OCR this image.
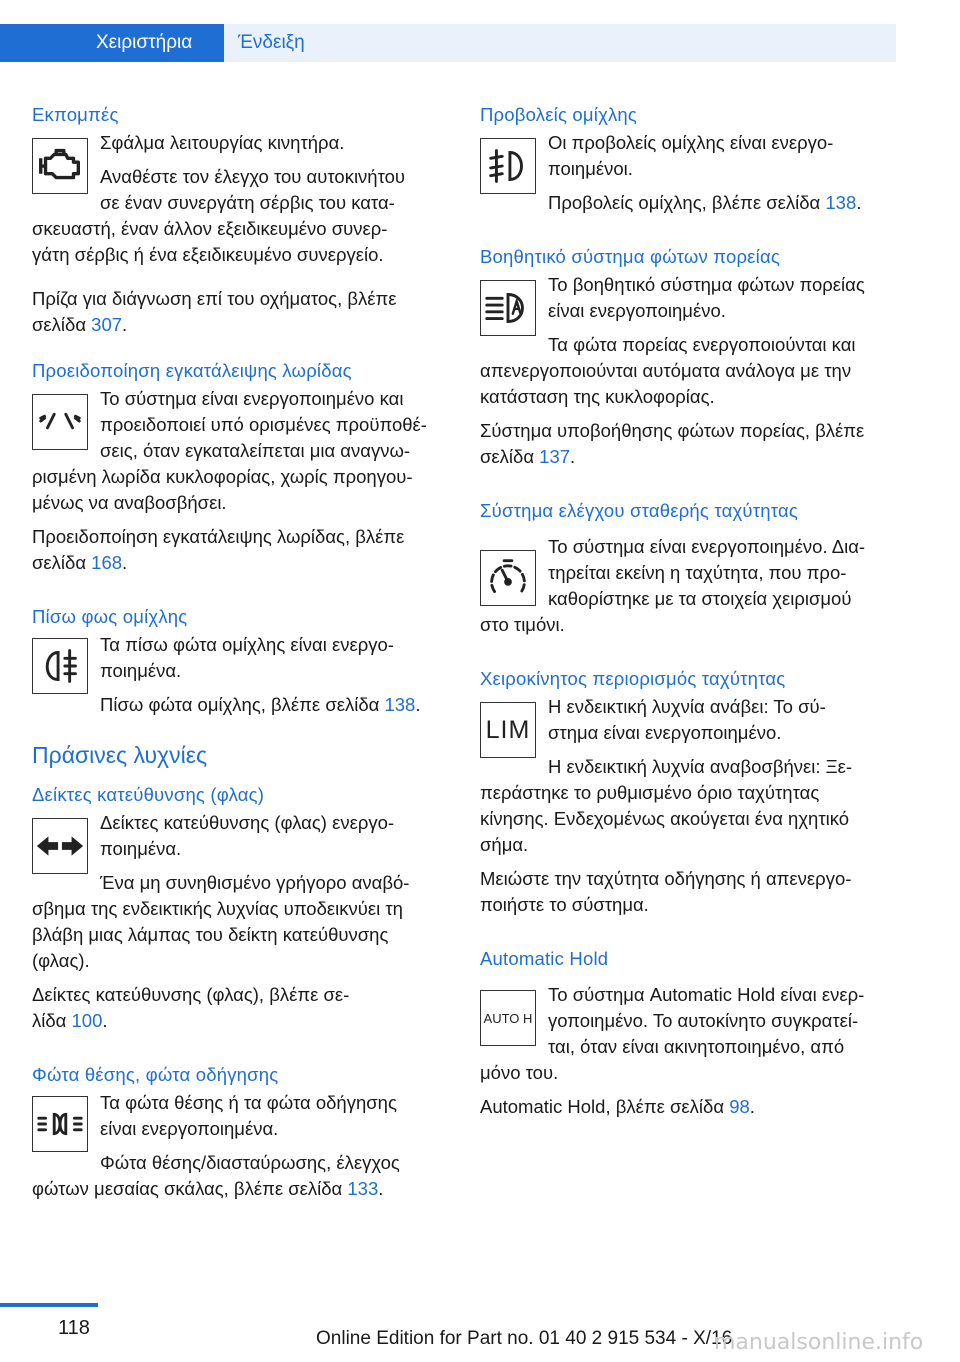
Χειριστήρια Ένδειξη
Εκπομπές
Σφάλμα λειτουργίας κινητήρα.
Αναθέστε τον έλεγχο του αυτοκινήτου
σε έναν συνεργάτη σέρβις του κατα-
σκευαστή, έναν άλλον εξειδικευμένο συνερ-
γάτη σέρβις ή ένα εξειδικευμένο συνεργείο.
Πρίζα για διάγνωση επί του οχήματος, βλέπε
σελίδα 307.
Προειδοποίηση εγκατάλειψης λωρίδας
Το σύστημα είναι ενεργοποιημένο και
προειδοποιεί υπό ορισμένες προϋποθέ-
σεις, όταν εγκαταλείπεται μια αναγνω-
ρισμένη λωρίδα κυκλοφορίας, χωρίς προηγου-
μένως να αναβοσβήσει.
Προειδοποίηση εγκατάλειψης λωρίδας, βλέπε
σελίδα 168.
Πίσω φως ομίχλης
Τα πίσω φώτα ομίχλης είναι ενεργο-
ποιημένα.
Πίσω φώτα ομίχλης, βλέπε σελίδα 138.
Πράσινες λυχνίες
Δείκτες κατεύθυνσης (φλας)
Δείκτες κατεύθυνσης (φλας) ενεργο-
ποιημένα.
Ένα μη συνηθισμένο γρήγορο αναβό-
σβημα της ενδεικτικής λυχνίας υποδεικνύει τη
βλάβη μιας λάμπας του δείκτη κατεύθυνσης
(φλας).
Δείκτες κατεύθυνσης (φλας), βλέπε σε-
λίδα 100.
Φώτα θέσης, φώτα οδήγησης
Τα φώτα θέσης ή τα φώτα οδήγησης
είναι ενεργοποιημένα.
Φώτα θέσης/διασταύρωσης, έλεγχος
φώτων μεσαίας σκάλας, βλέπε σελίδα 133.
Προβολείς ομίχλης
Οι προβολείς ομίχλης είναι ενεργο-
ποιημένοι.
Προβολείς ομίχλης, βλέπε σελίδα 138.
Βοηθητικό σύστημα φώτων πορείας
Το βοηθητικό σύστημα φώτων πορείας
είναι ενεργοποιημένο.
Τα φώτα πορείας ενεργοποιούνται και
απενεργοποιούνται αυτόματα ανάλογα με την
κατάσταση της κυκλοφορίας.
Σύστημα υποβοήθησης φώτων πορείας, βλέπε
σελίδα 137.
Σύστημα ελέγχου σταθερής ταχύτητας
Το σύστημα είναι ενεργοποιημένο. Δια-
τηρείται εκείνη η ταχύτητα, που προ-
καθορίστηκε με τα στοιχεία χειρισμού
στο τιμόνι.
Χειροκίνητος περιορισμός ταχύτητας
LIM
Η ενδεικτική λυχνία ανάβει: Το σύ-
στημα είναι ενεργοποιημένο.
Η ενδεικτική λυχνία αναβοσβήνει: Ξε-
περάστηκε το ρυθμισμένο όριο ταχύτητας
κίνησης. Ενδεχομένως ακούγεται ένα ηχητικό
σήμα.
Μειώστε την ταχύτητα οδήγησης ή απενεργο-
ποιήστε το σύστημα.
Automatic Hold
AUTO H
Το σύστημα Automatic Hold είναι ενερ-
γοποιημένο. Το αυτοκίνητο συγκρατεί-
ται, όταν είναι ακινητοποιημένο, από
μόνο του.
Automatic Hold, βλέπε σελίδα 98.
118	Online Edition for Part no. 01 40 2 915 534 - X/16
manualsonline.info
